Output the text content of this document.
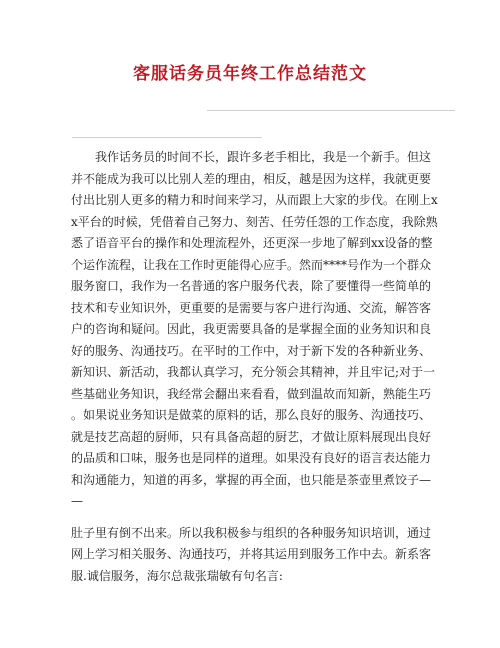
客服话务员年终工作总结范文
我作话务员的时间不长，跟许多老手相比，我是一个新手。但这
并不能成为我可以比别人差的理由，相反，越是因为这样，我就更要
付出比别人更多的精力和时间来学习，从而跟上大家的步伐。在刚上x
x平台的时候，凭借着自己努力、刻苦、任劳任怨的工作态度，我除熟
悉了语音平台的操作和处理流程外，还更深一步地了解到xx设备的整
个运作流程，让我在工作时更能得心应手。然而****号作为一个群众
服务窗口，我作为一名普通的客户服务代表，除了要懂得一些简单的
技术和专业知识外，更重要的是需要与客户进行沟通、交流，解答客
户的咨询和疑问。因此，我更需要具备的是掌握全面的业务知识和良
好的服务、沟通技巧。在平时的工作中，对于新下发的各种新业务、
新知识、新活动，我都认真学习，充分领会其精神，并且牢记;对于一
些基础业务知识，我经常会翻出来看看，做到温故而知新，熟能生巧
。如果说业务知识是做菜的原料的话，那么良好的服务、沟通技巧、
就是技艺高超的厨师，只有具备高超的厨艺，才做让原料展现出良好
的品质和口味，服务也是同样的道理。如果没有良好的语言表达能力
和沟通能力，知道的再多，掌握的再全面，也只能是茶壶里煮饺子—
—
肚子里有倒不出来。所以我积极参与组织的各种服务知识培训，通过
网上学习相关服务、沟通技巧，并将其运用到服务工作中去。新系客
服.诚信服务，海尔总裁张瑞敏有句名言:
